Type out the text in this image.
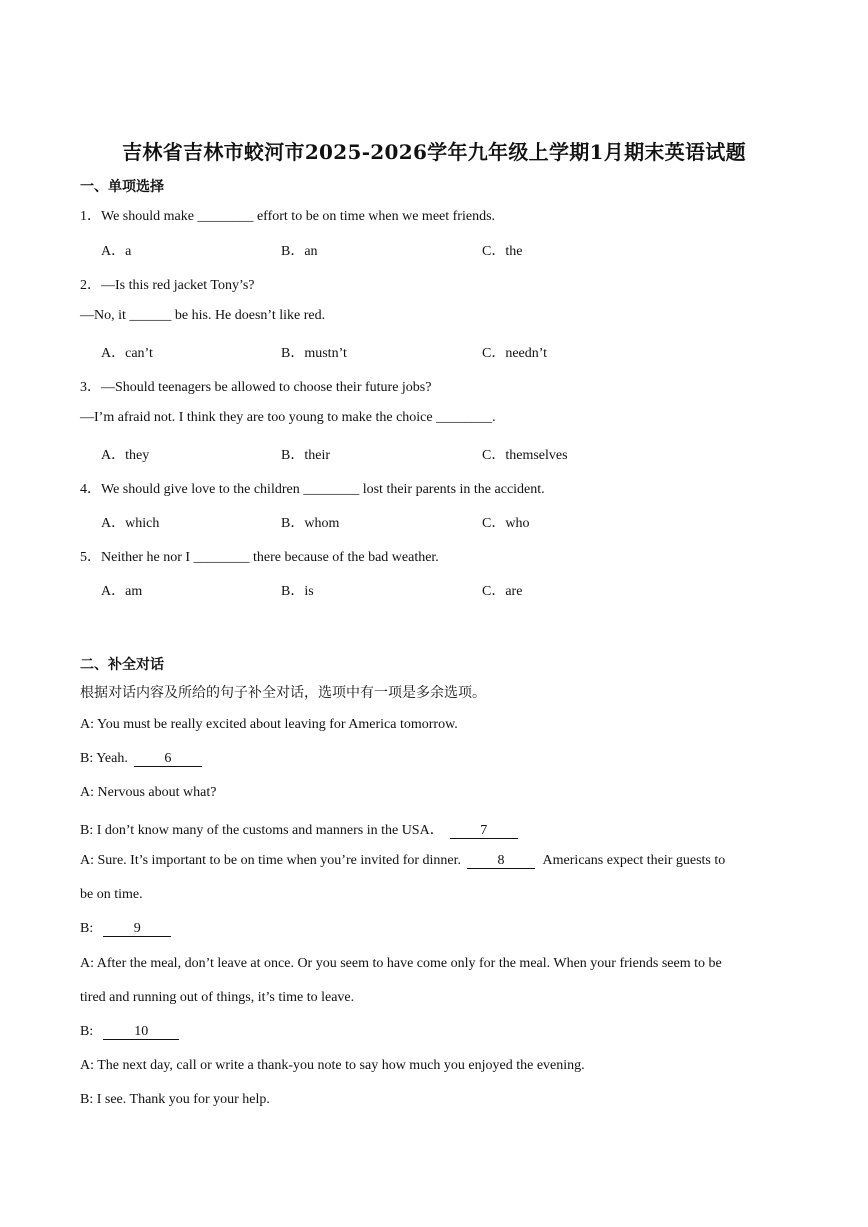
吉林省吉林市蛟河市2025-2026学年九年级上学期1月期末英语试题
一、单项选择
1．We should make ________ effort to be on time when we meet friends.
A．a	B．an	C．the
2．—Is this red jacket Tony’s?
—No, it ______ be his. He doesn’t like red.
A．can’t	B．mustn’t	C．needn’t
3．—Should teenagers be allowed to choose their future jobs?
—I’m afraid not. I think they are too young to make the choice ________.
A．they	B．their	C．themselves
4．We should give love to the children ________ lost their parents in the accident.
A．which	B．whom	C．who
5．Neither he nor I ________ there because of the bad weather.
A．am	B．is	C．are
二、补全对话
根据对话内容及所给的句子补全对话，选项中有一项是多余选项。
A: You must be really excited about leaving for America tomorrow.
B: Yeah.	6
A: Nervous about what?
B: I don’t know many of the customs and manners in the USA．	7
A: Sure. It’s important to be on time when you’re invited for dinner.	8	Americans expect their guests to
be on time.
B:	9
A: After the meal, don’t leave at once. Or you seem to have come only for the meal. When your friends seem to be
tired and running out of things, it’s time to leave.
B:	10
A: The next day, call or write a thank-you note to say how much you enjoyed the evening.
B: I see. Thank you for your help.
